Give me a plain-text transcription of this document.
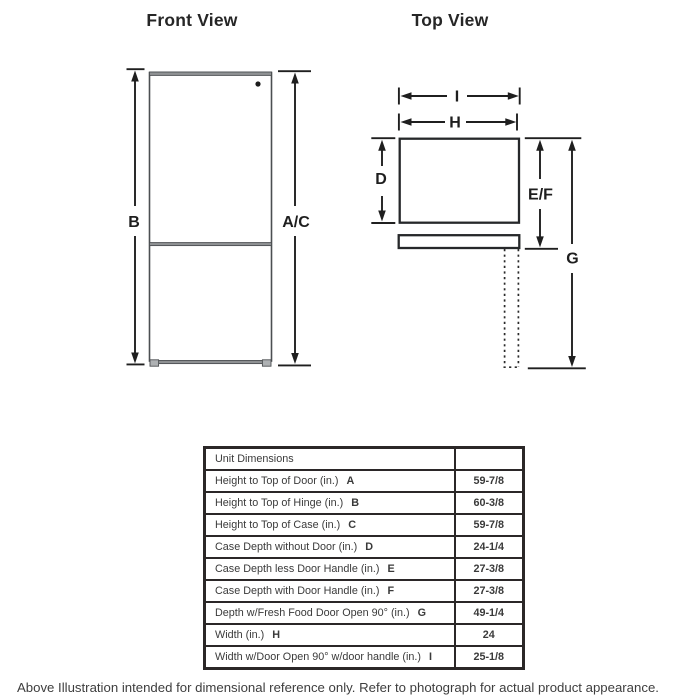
Front View	Top View
B	A/C
I
H
D
E/F
G
Unit Dimensions	
Height to Top of Door (in.) A	59-7/8
Height to Top of Hinge (in.) B	60-3/8
Height to Top of Case (in.) C	59-7/8
Case Depth without Door (in.) D	24-1/4
Case Depth less Door Handle (in.) E	27-3/8
Case Depth with Door Handle (in.) F	27-3/8
Depth w/Fresh Food Door Open 90° (in.) G	49-1/4
Width (in.) H	24
Width w/Door Open 90° w/door handle (in.) I	25-1/8
Above Illustration intended for dimensional reference only. Refer to photograph for actual product appearance.
